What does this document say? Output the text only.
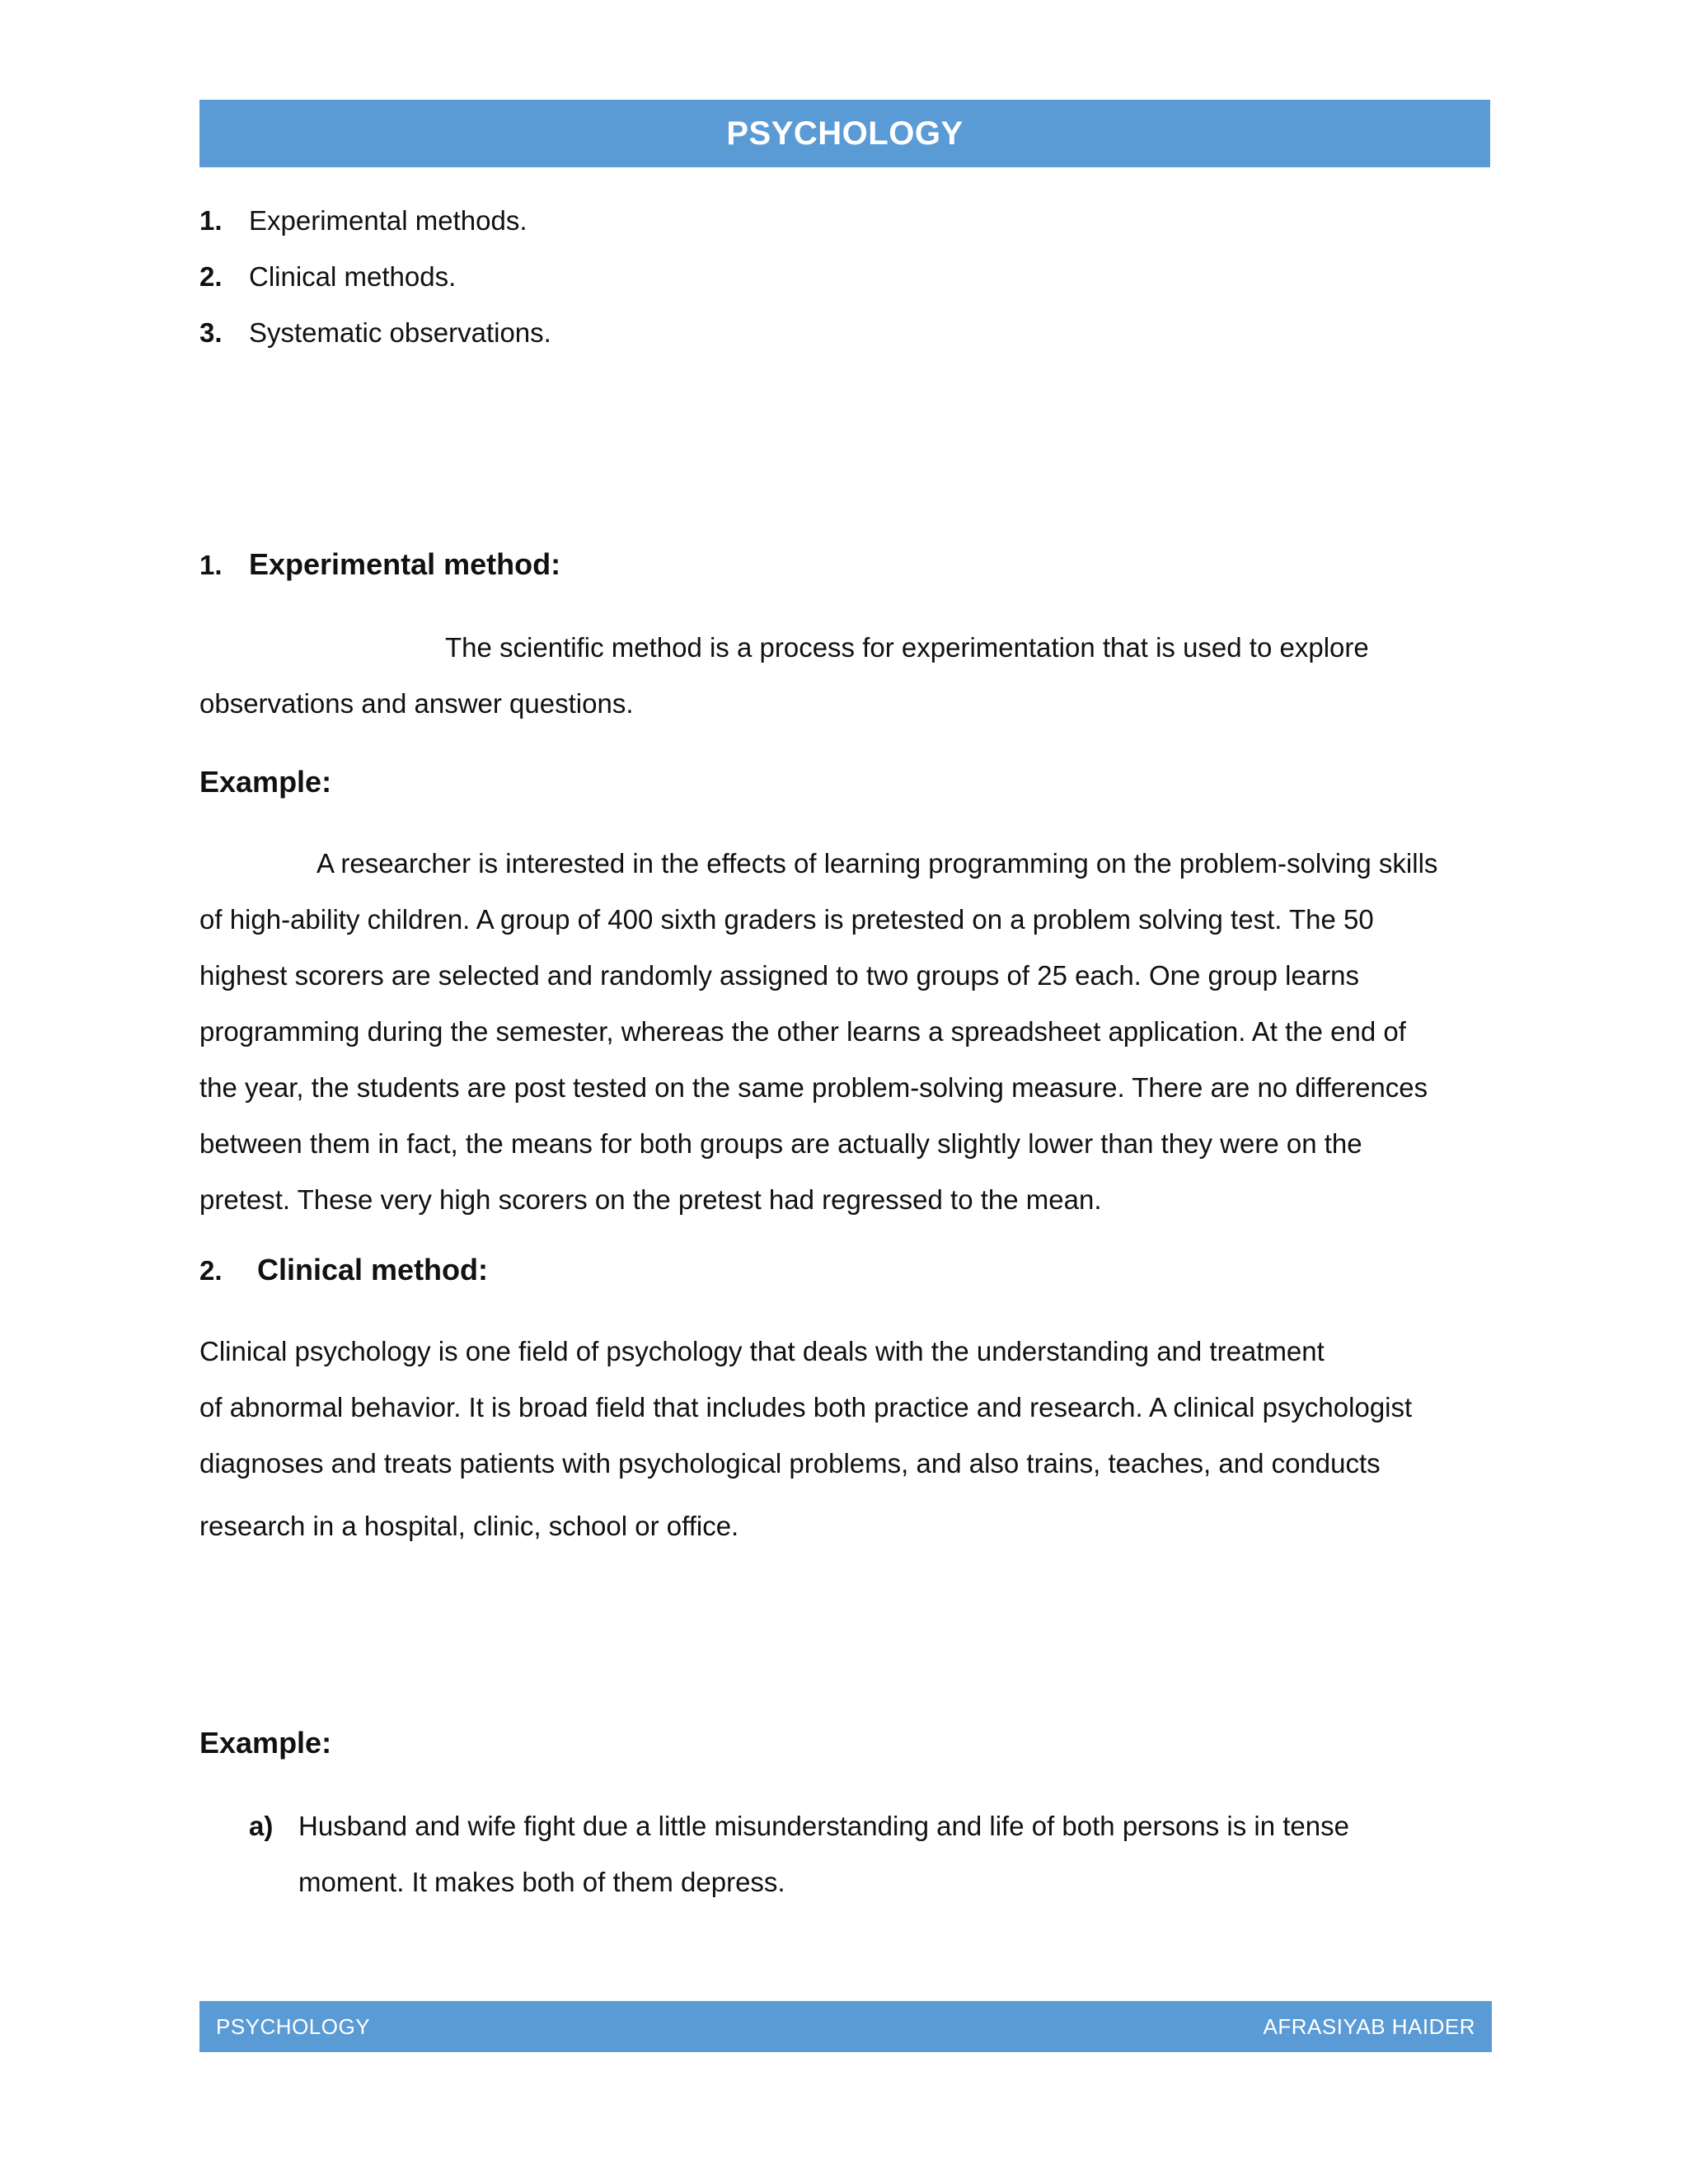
PSYCHOLOGY
1. Experimental methods.
2. Clinical methods.
3. Systematic observations.
1. Experimental method:
The scientific method is a process for experimentation that is used to explore
observations and answer questions.
Example:
A researcher is interested in the effects of learning programming on the problem-solving skills
of high-ability children. A group of 400 sixth graders is pretested on a problem solving test. The 50
highest scorers are selected and randomly assigned to two groups of 25 each. One group learns
programming during the semester, whereas the other learns a spreadsheet application. At the end of
the year, the students are post tested on the same problem-solving measure. There are no differences
between them in fact, the means for both groups are actually slightly lower than they were on the
pretest. These very high scorers on the pretest had regressed to the mean.
2. Clinical method:
Clinical psychology is one field of psychology that deals with the understanding and treatment
of abnormal behavior. It is broad field that includes both practice and research. A clinical psychologist
diagnoses and treats patients with psychological problems, and also trains, teaches, and conducts
research in a hospital, clinic, school or office.
Example:
a) Husband and wife fight due a little misunderstanding and life of both persons is in tense
moment. It makes both of them depress.
PSYCHOLOGY	AFRASIYAB HAIDER
